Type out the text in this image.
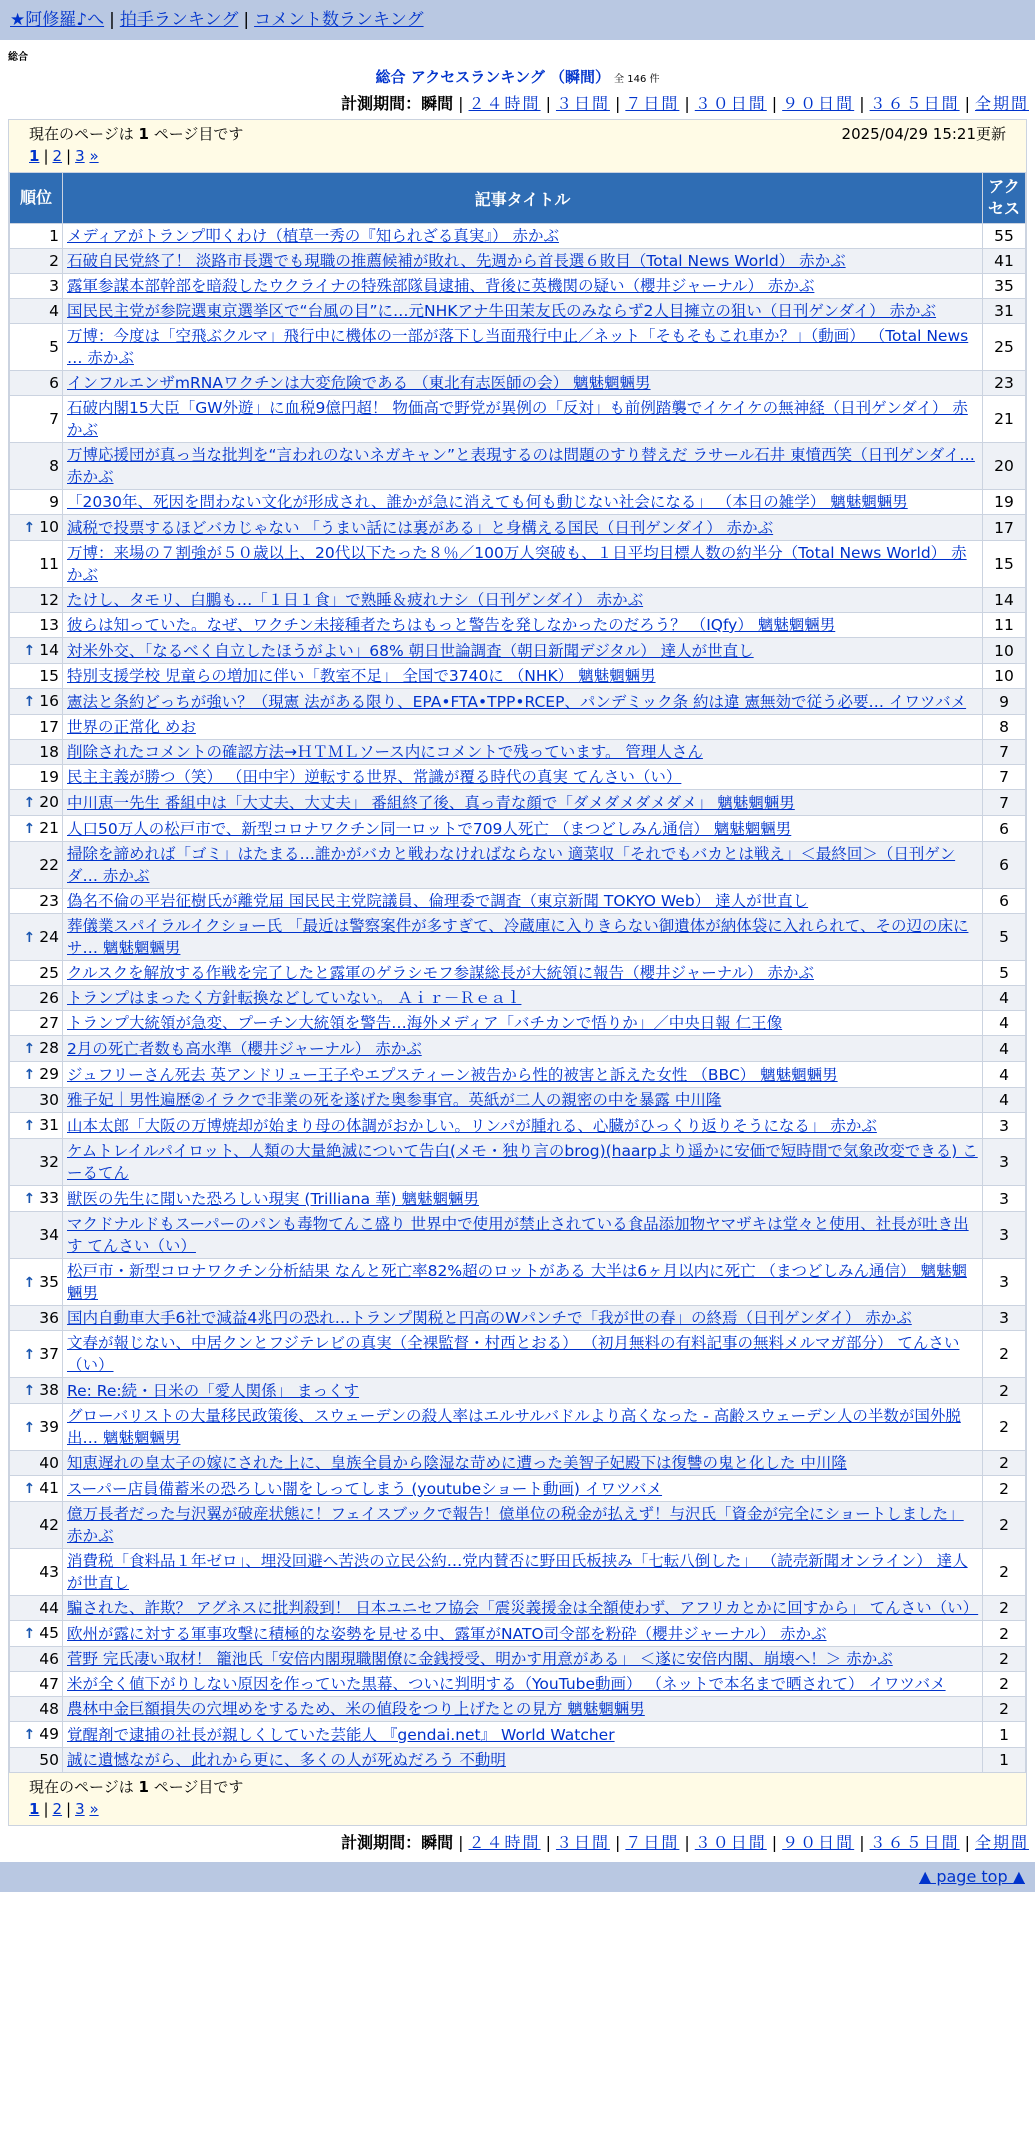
★阿修羅♪へ | 拍手ランキング | コメント数ランキング
総合
総合 アクセスランキング （瞬間） 全 146 件
計測期間：瞬間 | ２４時間 | ３日間 | ７日間 | ３０日間 | ９０日間 | ３６５日間 | 全期間
現在のページは 1 ページ目です	2025/04/29 15:21更新
1 | 2 | 3 »
順位	記事タイトル	アクセス
1	メディアがトランプ叩くわけ（植草一秀の『知られざる真実』） 赤かぶ	55
2	石破自民党終了！ 淡路市長選でも現職の推薦候補が敗れ、先週から首長選６敗目（Total News World） 赤かぶ	41
3	露軍参謀本部幹部を暗殺したウクライナの特殊部隊員逮捕、背後に英機関の疑い（櫻井ジャーナル） 赤かぶ	35
4	国民民主党が参院選東京選挙区で“台風の目”に…元NHKアナ牛田茉友氏のみならず2人目擁立の狙い（日刊ゲンダイ） 赤かぶ	31
5	万博：今度は「空飛ぶクルマ」飛行中に機体の一部が落下し当面飛行中止／ネット「そもそもこれ車か？」（動画） （Total News … 赤かぶ	25
6	インフルエンザmRNAワクチンは大変危険である （東北有志医師の会） 魑魅魍魎男	23
7	石破内閣15大臣「GW外遊」に血税9億円超！ 物価高で野党が異例の「反対」も前例踏襲でイケイケの無神経（日刊ゲンダイ） 赤かぶ	21
8	万博応援団が真っ当な批判を“言われのないネガキャン”と表現するのは問題のすり替えだ ラサール石井 東憤西笑（日刊ゲンダイ… 赤かぶ	20
9	「2030年、死因を問わない文化が形成され、誰かが急に消えても何も動じない社会になる」 （本日の雑学） 魑魅魍魎男	19
↑ 10	減税で投票するほどバカじゃない 「うまい話には裏がある」と身構える国民（日刊ゲンダイ） 赤かぶ	17
11	万博：来場の７割強が５０歳以上、20代以下たった８％／100万人突破も、１日平均目標人数の約半分（Total News World） 赤かぶ	15
12	たけし、タモリ、白鵬も…「１日１食」で熟睡＆疲れナシ（日刊ゲンダイ） 赤かぶ	14
13	彼らは知っていた。なぜ、ワクチン未接種者たちはもっと警告を発しなかったのだろう？ （IQfy） 魑魅魍魎男	11
↑ 14	対米外交、「なるべく自立したほうがよい」68% 朝日世論調査（朝日新聞デジタル） 達人が世直し	10
15	特別支援学校 児童らの増加に伴い「教室不足」 全国で3740に （NHK） 魑魅魍魎男	10
↑ 16	憲法と条約どっちが強い？（現憲 法がある限り、EPA•FTA•TPP•RCEP、パンデミック条 約は違 憲無効で従う必要… イワツバメ	9
17	世界の正常化 めお	8
18	削除されたコメントの確認方法→ＨＴＭＬソース内にコメントで残っています。 管理人さん	7
19	民主主義が勝つ（笑） （田中宇）逆転する世界、常識が覆る時代の真実 てんさい（い）	7
↑ 20	中川恵一先生 番組中は「大丈夫、大丈夫」 番組終了後、真っ青な顔で「ダメダメダメダメ」 魑魅魍魎男	7
↑ 21	人口50万人の松戸市で、新型コロナワクチン同一ロットで709人死亡 （まつどしみん通信） 魑魅魍魎男	6
22	掃除を諦めれば「ゴミ」はたまる…誰かがバカと戦わなければならない 適菜収「それでもバカとは戦え」＜最終回＞（日刊ゲンダ… 赤かぶ	6
23	偽名不倫の平岩征樹氏が離党届 国民民主党院議員、倫理委で調査（東京新聞 TOKYO Web） 達人が世直し	6
↑ 24	葬儀業スパイラルイクショー氏 「最近は警察案件が多すぎて、冷蔵庫に入りきらない御遺体が納体袋に入れられて、その辺の床にサ… 魑魅魍魎男	5
25	クルスクを解放する作戦を完了したと露軍のゲラシモフ参謀総長が大統領に報告（櫻井ジャーナル） 赤かぶ	5
26	トランプはまったく方針転換などしていない。 Ａｉｒ－Ｒｅａｌ	4
27	トランプ大統領が急変、プーチン大統領を警告…海外メディア「バチカンで悟りか」／中央日報 仁王像	4
↑ 28	2月の死亡者数も高水準（櫻井ジャーナル） 赤かぶ	4
↑ 29	ジュフリーさん死去 英アンドリュー王子やエプスティーン被告から性的被害と訴えた女性 （BBC） 魑魅魍魎男	4
30	雅子妃｜男性遍歴②イラクで非業の死を遂げた奥参事官。英紙が二人の親密の中を暴露 中川隆	4
↑ 31	山本太郎「大阪の万博焼却が始まり母の体調がおかしい。リンパが腫れる、心臓がひっくり返りそうになる」 赤かぶ	3
32	ケムトレイルパイロット、人類の大量絶滅について告白(メモ・独り言のbrog)(haarpより遥かに安価で短時間で気象改変できる) こーるてん	3
↑ 33	獣医の先生に聞いた恐ろしい現実 (Trilliana 華) 魑魅魍魎男	3
34	マクドナルドもスーパーのパンも毒物てんこ盛り 世界中で使用が禁止されている食品添加物ヤマザキは堂々と使用、社長が吐き出す てんさい（い）	3
↑ 35	松戸市・新型コロナワクチン分析結果 なんと死亡率82%超のロットがある 大半は6ヶ月以内に死亡 （まつどしみん通信） 魑魅魍魎男	3
36	国内自動車大手6社で減益4兆円の恐れ…トランプ関税と円高のWパンチで「我が世の春」の終焉（日刊ゲンダイ） 赤かぶ	3
↑ 37	文春が報じない、中居クンとフジテレビの真実（全裸監督・村西とおる） （初月無料の有料記事の無料メルマガ部分） てんさい（い）	2
↑ 38	Re: Re:続・日米の「愛人関係」 まっくす	2
↑ 39	グローバリストの大量移民政策後、スウェーデンの殺人率はエルサルバドルより高くなった - 高齢スウェーデン人の半数が国外脱出… 魑魅魍魎男	2
40	知恵遅れの皇太子の嫁にされた上に、皇族全員から陰湿な苛めに遭った美智子妃殿下は復讐の鬼と化した 中川隆	2
↑ 41	スーパー店員備蓄米の恐ろしい闇をしってしまう (youtubeショート動画) イワツバメ	2
42	億万長者だった与沢翼が破産状態に！フェイスブックで報告！億単位の税金が払えず！与沢氏「資金が完全にショートしました」 赤かぶ	2
43	消費税「食料品１年ゼロ」、埋没回避へ苦渋の立民公約…党内賛否に野田氏板挟み「七転八倒した」 （読売新聞オンライン） 達人が世直し	2
44	騙された、詐欺？ アグネスに批判殺到！ 日本ユニセフ協会「震災義援金は全額使わず、アフリカとかに回すから」 てんさい（い）	2
↑ 45	欧州が露に対する軍事攻撃に積極的な姿勢を見せる中、露軍がNATO司令部を粉砕（櫻井ジャーナル） 赤かぶ	2
46	菅野 完氏凄い取材！ 籠池氏「安倍内閣現職閣僚に金銭授受、明かす用意がある」 ＜遂に安倍内閣、崩壊へ！＞ 赤かぶ	2
47	米が全く値下がりしない原因を作っていた黒幕、ついに判明する（YouTube動画） （ネットで本名まで晒されて） イワツバメ	2
48	農林中金巨額損失の穴埋めをするため、米の値段をつり上げたとの見方 魑魅魍魎男	2
↑ 49	覚醒剤で逮捕の社長が親しくしていた芸能人 『gendai.net』 World Watcher	1
50	誠に遺憾ながら、此れから更に、多くの人が死ぬだろう 不動明	1
現在のページは 1 ページ目です
1 | 2 | 3 »
計測期間：瞬間 | ２４時間 | ３日間 | ７日間 | ３０日間 | ９０日間 | ３６５日間 | 全期間
▲ page top ▲
